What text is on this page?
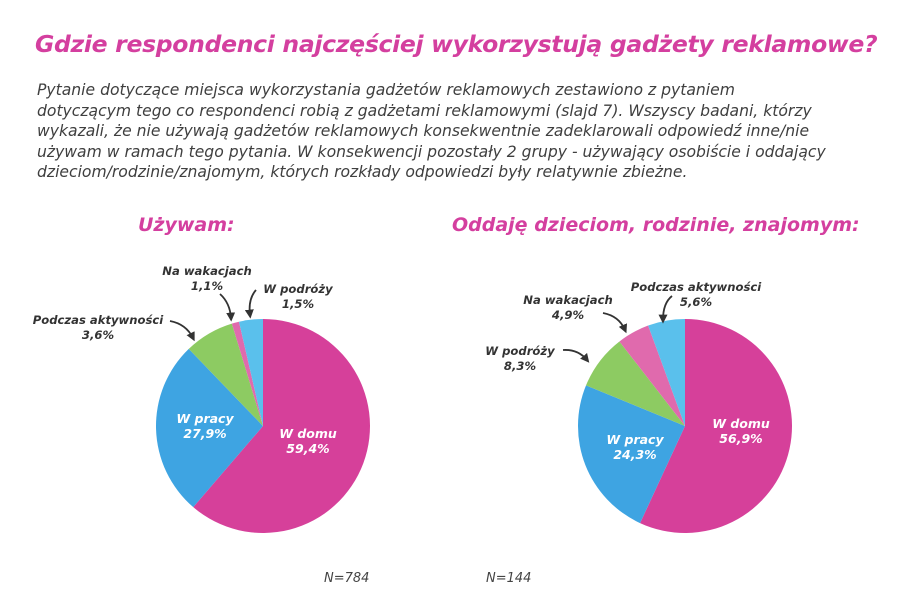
Gdzie respondenci najczęściej wykorzystują gadżety reklamowe?
Pytanie dotyczące miejsca wykorzystania gadżetów reklamowych zestawiono z pytaniem
dotyczącym tego co respondenci robią z gadżetami reklamowymi (slajd 7). Wszyscy badani, którzy
wykazali, że nie używają gadżetów reklamowych konsekwentnie zadeklarowali odpowiedź inne/nie
używam w ramach tego pytania. W konsekwencji pozostały 2 grupy - używający osobiście i oddający
dzieciom/rodzinie/znajomym, których rozkłady odpowiedzi były relatywnie zbieżne.
Używam:	Oddaję dzieciom, rodzinie, znajomym:
Na wakacjach
1,1%	W podróży
1,5%
Podczas aktywności
3,6%
W pracy
27,9%	W domu
59,4%
Podczas aktywności
5,6%
Na wakacjach
4,9%
W podróży
8,3%
W pracy
24,3%
W domu
56,9%
N=784	N=144
